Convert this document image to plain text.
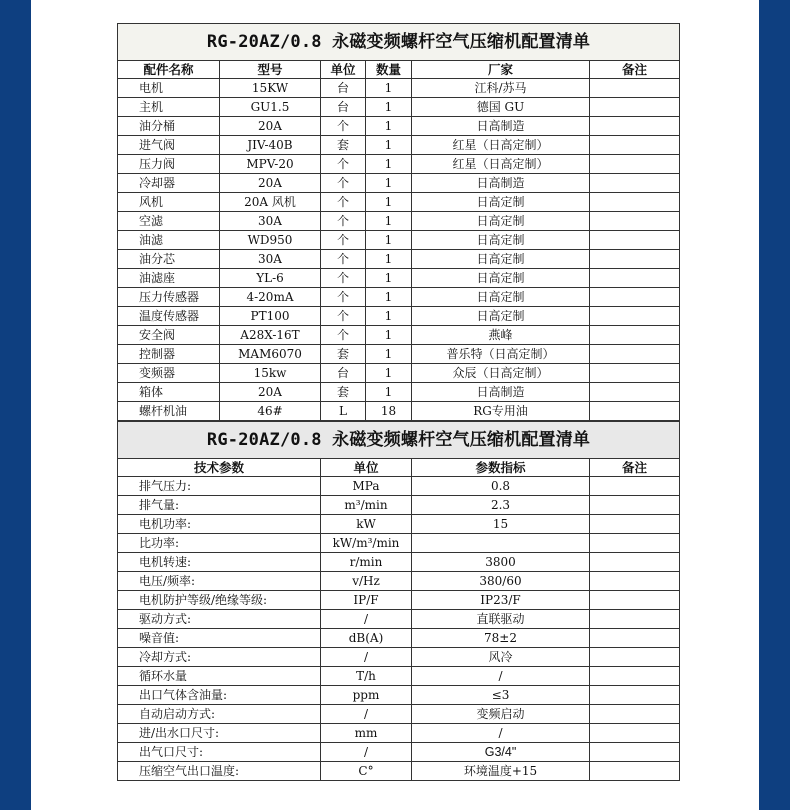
RG-20AZ/0.8 永磁变频螺杆空气压缩机配置清单					
配件名称	型号	单位	数量	厂家	备注
电机	15KW	台	1	江科/苏马	
主机	GU1.5	台	1	德国 GU	
油分桶	20A	个	1	日高制造	
进气阀	JIV-40B	套	1	红星（日高定制）	
压力阀	MPV-20	个	1	红星（日高定制）	
冷却器	20A	个	1	日高制造	
风机	20A 风机	个	1	日高定制	
空滤	30A	个	1	日高定制	
油滤	WD950	个	1	日高定制	
油分芯	30A	个	1	日高定制	
油滤座	YL-6	个	1	日高定制	
压力传感器	4-20mA	个	1	日高定制	
温度传感器	PT100	个	1	日高定制	
安全阀	A28X-16T	个	1	燕峰	
控制器	MAM6070	套	1	普乐特（日高定制）	
变频器	15kw	台	1	众辰（日高定制）	
箱体	20A	套	1	日高制造	
螺杆机油	46#	L	18	RG专用油	
RG-20AZ/0.8 永磁变频螺杆空气压缩机配置清单			
技术参数	单位	参数指标	备注
排气压力:	MPa	0.8	
排气量:	m³/min	2.3	
电机功率:	kW	15	
比功率:	kW/m³/min		
电机转速:	r/min	3800	
电压/频率:	v/Hz	380/60	
电机防护等级/绝缘等级:	IP/F	IP23/F	
驱动方式:	/	直联驱动	
噪音值:	dB(A)	78±2	
冷却方式:	/	风冷	
循环水量	T/h	/	
出口气体含油量:	ppm	≤3	
自动启动方式:	/	变频启动	
进/出水口尺寸:	mm	/	
出气口尺寸:	/	G3/4"	
压缩空气出口温度:	C°	环境温度+15	
